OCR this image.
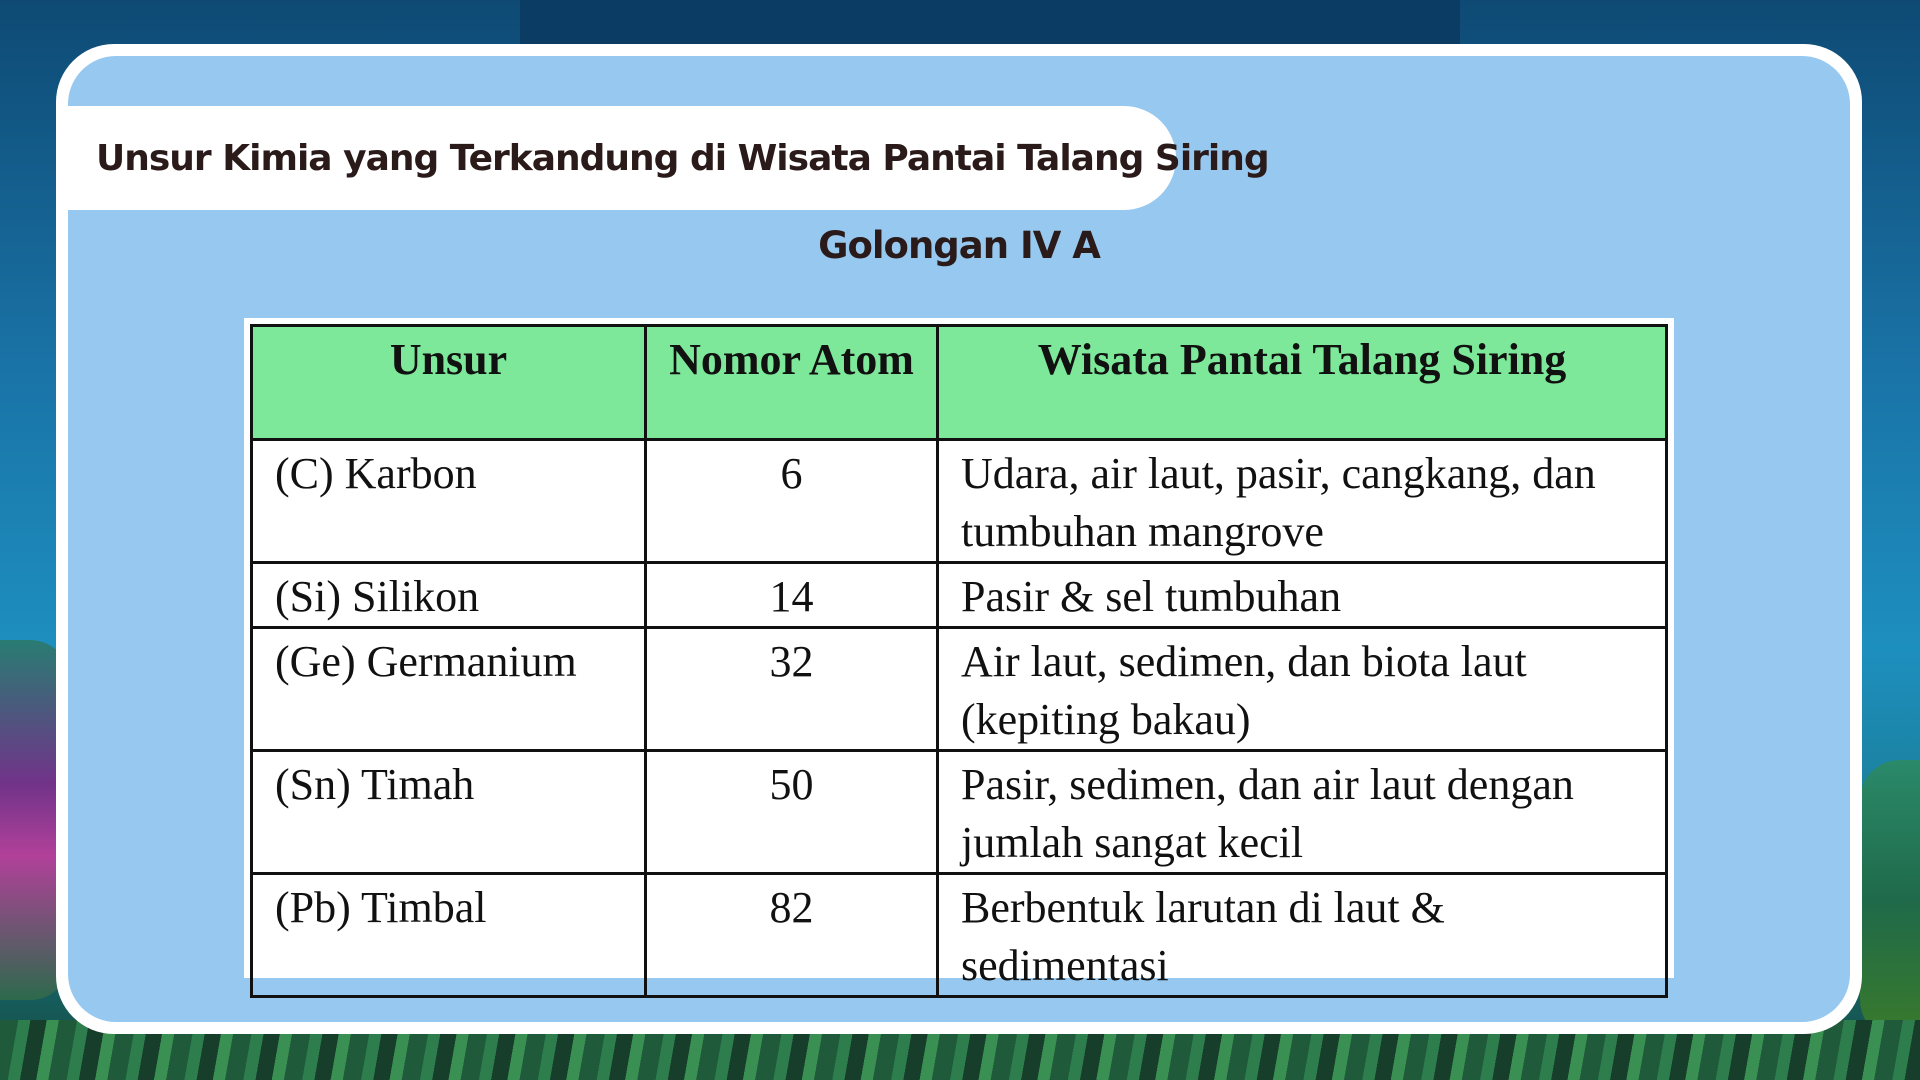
Unsur Kimia yang Terkandung di Wisata Pantai Talang Siring
Golongan IV A
Unsur	Nomor Atom	Wisata Pantai Talang Siring
(C) Karbon	6	Udara, air laut, pasir, cangkang, dan tumbuhan mangrove
(Si) Silikon	14	Pasir & sel tumbuhan
(Ge) Germanium	32	Air laut, sedimen, dan biota laut (kepiting bakau)
(Sn) Timah	50	Pasir, sedimen, dan air laut dengan jumlah sangat kecil
(Pb) Timbal	82	Berbentuk larutan di laut & sedimentasi
